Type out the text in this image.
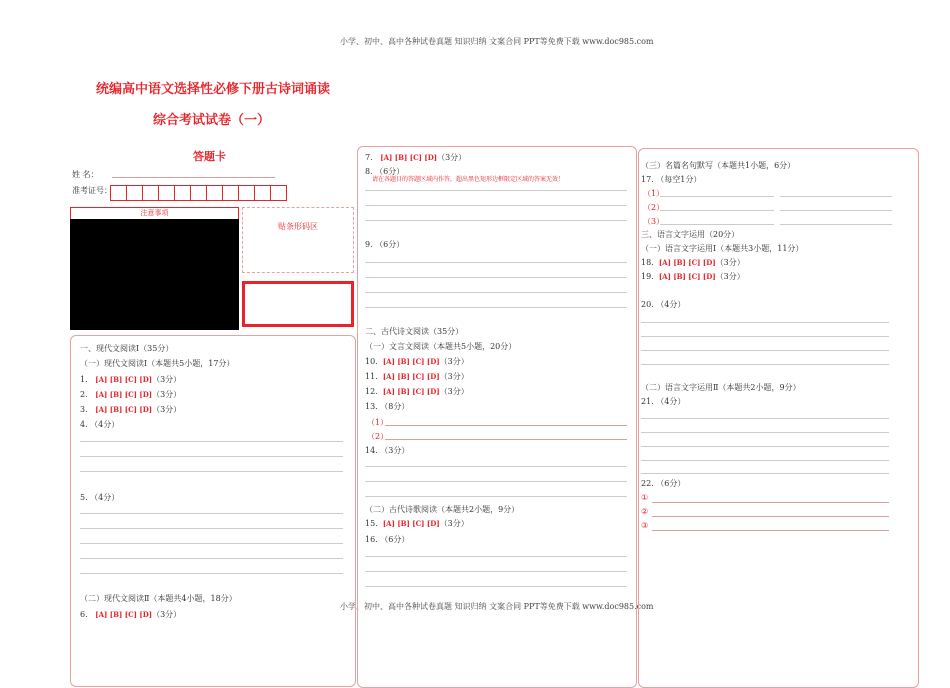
小学、初中、高中各种试卷真题 知识归纳 文案合同 PPT等免费下载 www.doc985.com
小学、初中、高中各种试卷真题 知识归纳 文案合同 PPT等免费下载 www.doc985.com
统编高中语文选择性必修下册古诗词诵读
综合考试试卷（一）
答题卡
姓 名：
准考证号：
注意事项
贴条形码区
一、现代文阅读Ⅰ（35分）
（一）现代文阅读Ⅰ（本题共5小题，17分）
1. [A] [B] [C] [D]（3分）
2. [A] [B] [C] [D]（3分）
3. [A] [B] [C] [D]（3分）
4. （4分）
5. （4分）
（二）现代文阅读Ⅱ（本题共4小题，18分）
6. [A] [B] [C] [D]（3分）
7. [A] [B] [C] [D]（3分）
8. （6分）
请在各题目的答题区域内作答，超出黑色矩形边框限定区域的答案无效！
9. （6分）
二、古代诗文阅读（35分）
（一）文言文阅读（本题共5小题，20分）
10. [A] [B] [C] [D]（3分）
11. [A] [B] [C] [D]（3分）
12. [A] [B] [C] [D]（3分）
13. （8分）
（1）
（2）
14. （3分）
（二）古代诗歌阅读（本题共2小题，9分）
15. [A] [B] [C] [D]（3分）
16. （6分）
（三）名篇名句默写（本题共1小题，6分）
17. （每空1分）
（1）
（2）
（3）
三、语言文字运用（20分）
（一）语言文字运用Ⅰ（本题共3小题，11分）
18. [A] [B] [C] [D]（3分）
19. [A] [B] [C] [D]（3分）
20. （4分）
（二）语言文字运用Ⅱ（本题共2小题，9分）
21. （4分）
22. （6分）
①
②
③
